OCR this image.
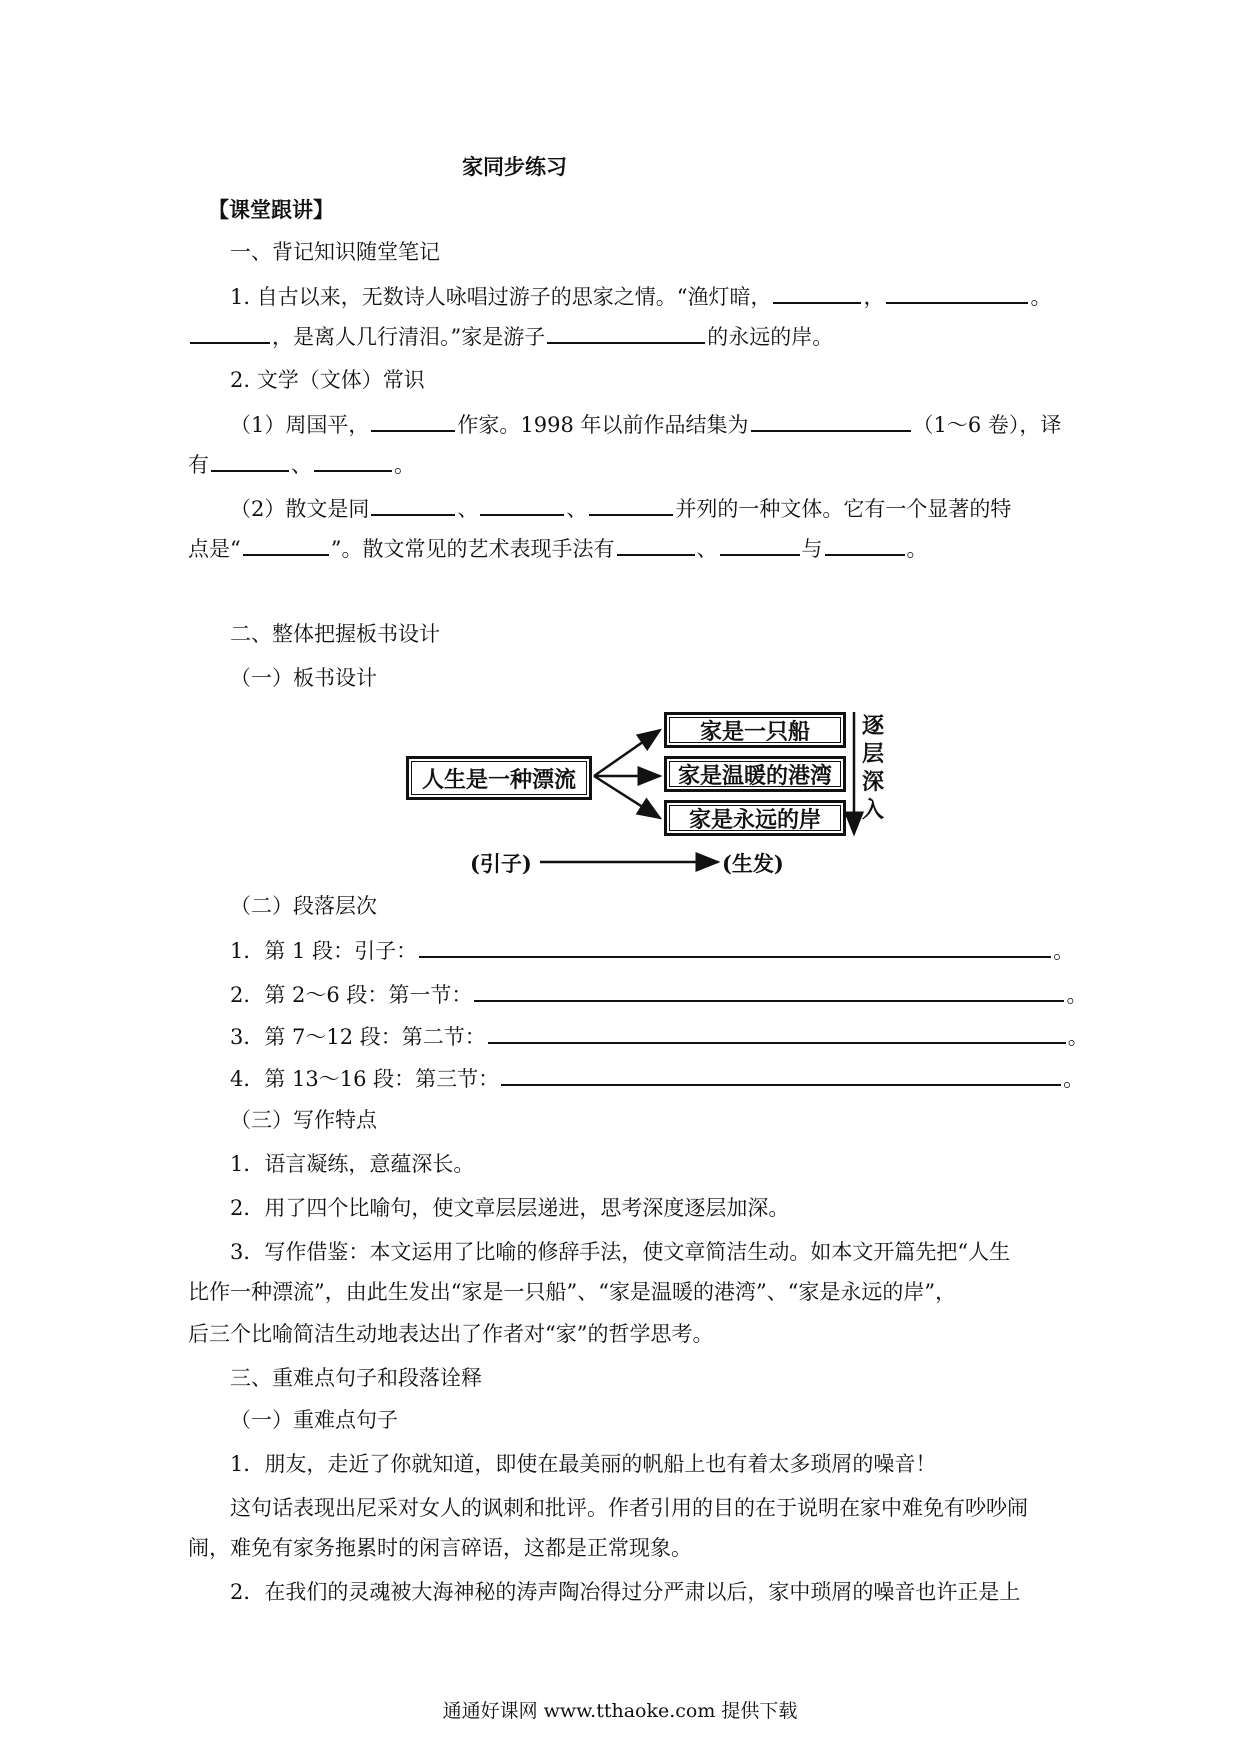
家同步练习
【课堂跟讲】
一、背记知识随堂笔记
1. 自古以来，无数诗人咏唱过游子的思家之情。“渔灯暗，	，	。
，是离人几行清泪。”家是游子	的永远的岸。
2. 文学（文体）常识
（1）周国平，	作家。1998 年以前作品结集为	（1～6 卷），译
有	、	。
（2）散文是同	、	、	并列的一种文体。它有一个显著的特
点是“	”。散文常见的艺术表现手法有	、	与	。
二、整体把握板书设计
（一）板书设计
人生是一种漂流
家是一只船
家是温暖的港湾
家是永远的岸
逐层深入
(引子)	(生发)
（二）段落层次
1．第 1 段：引子：	。
2．第 2～6 段：第一节：	。
3．第 7～12 段：第二节：	。
4．第 13～16 段：第三节：	。
（三）写作特点
1．语言凝练，意蕴深长。
2．用了四个比喻句，使文章层层递进，思考深度逐层加深。
3．写作借鉴：本文运用了比喻的修辞手法，使文章简洁生动。如本文开篇先把“人生
比作一种漂流”，由此生发出“家是一只船”、“家是温暖的港湾”、“家是永远的岸”，
后三个比喻简洁生动地表达出了作者对“家”的哲学思考。
三、重难点句子和段落诠释
（一）重难点句子
1．朋友，走近了你就知道，即使在最美丽的帆船上也有着太多琐屑的噪音！
这句话表现出尼采对女人的讽刺和批评。作者引用的目的在于说明在家中难免有吵吵闹
闹，难免有家务拖累时的闲言碎语，这都是正常现象。
2．在我们的灵魂被大海神秘的涛声陶冶得过分严肃以后，家中琐屑的噪音也许正是上
通通好课网 www.tthaoke.com 提供下载
